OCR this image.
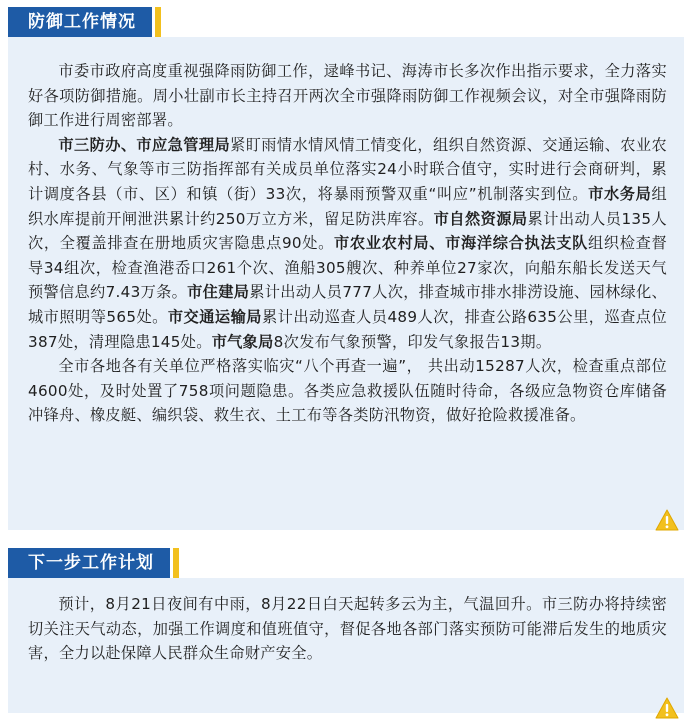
防御工作情况

市委市政府高度重视强降雨防御工作，逯峰书记、海涛市长多次作出指示要求，全力落实好各项防御措施。周小壮副市长主持召开两次全市强降雨防御工作视频会议，对全市强降雨防御工作进行周密部署。

市三防办、市应急管理局紧盯雨情水情风情工情变化，组织自然资源、交通运输、农业农村、水务、气象等市三防指挥部有关成员单位落实24小时联合值守，实时进行会商研判，累计调度各县（市、区）和镇（街）33次，将暴雨预警双重“叫应”机制落实到位。市水务局组织水库提前开闸泄洪累计约250万立方米，留足防洪库容。市自然资源局累计出动人员135人次，全覆盖排查在册地质灾害隐患点90处。市农业农村局、市海洋综合执法支队组织检查督导34组次，检查渔港岙口261个次、渔船305艘次、种养单位27家次，向船东船长发送天气预警信息约7.43万条。市住建局累计出动人员777人次，排查城市排水排涝设施、园林绿化、城市照明等565处。市交通运输局累计出动巡查人员489人次，排查公路635公里，巡查点位387处，清理隐患145处。市气象局8次发布气象预警，印发气象报告13期。

全市各地各有关单位严格落实临灾“八个再查一遍”， 共出动15287人次，检查重点部位4600处，及时处置了758项问题隐患。各类应急救援队伍随时待命，各级应急物资仓库储备冲锋舟、橡皮艇、编织袋、救生衣、土工布等各类防汛物资，做好抢险救援准备。

下一步工作计划

预计，8月21日夜间有中雨，8月22日白天起转多云为主，气温回升。市三防办将持续密切关注天气动态，加强工作调度和值班值守，督促各地各部门落实预防可能滞后发生的地质灾害，全力以赴保障人民群众生命财产安全。
